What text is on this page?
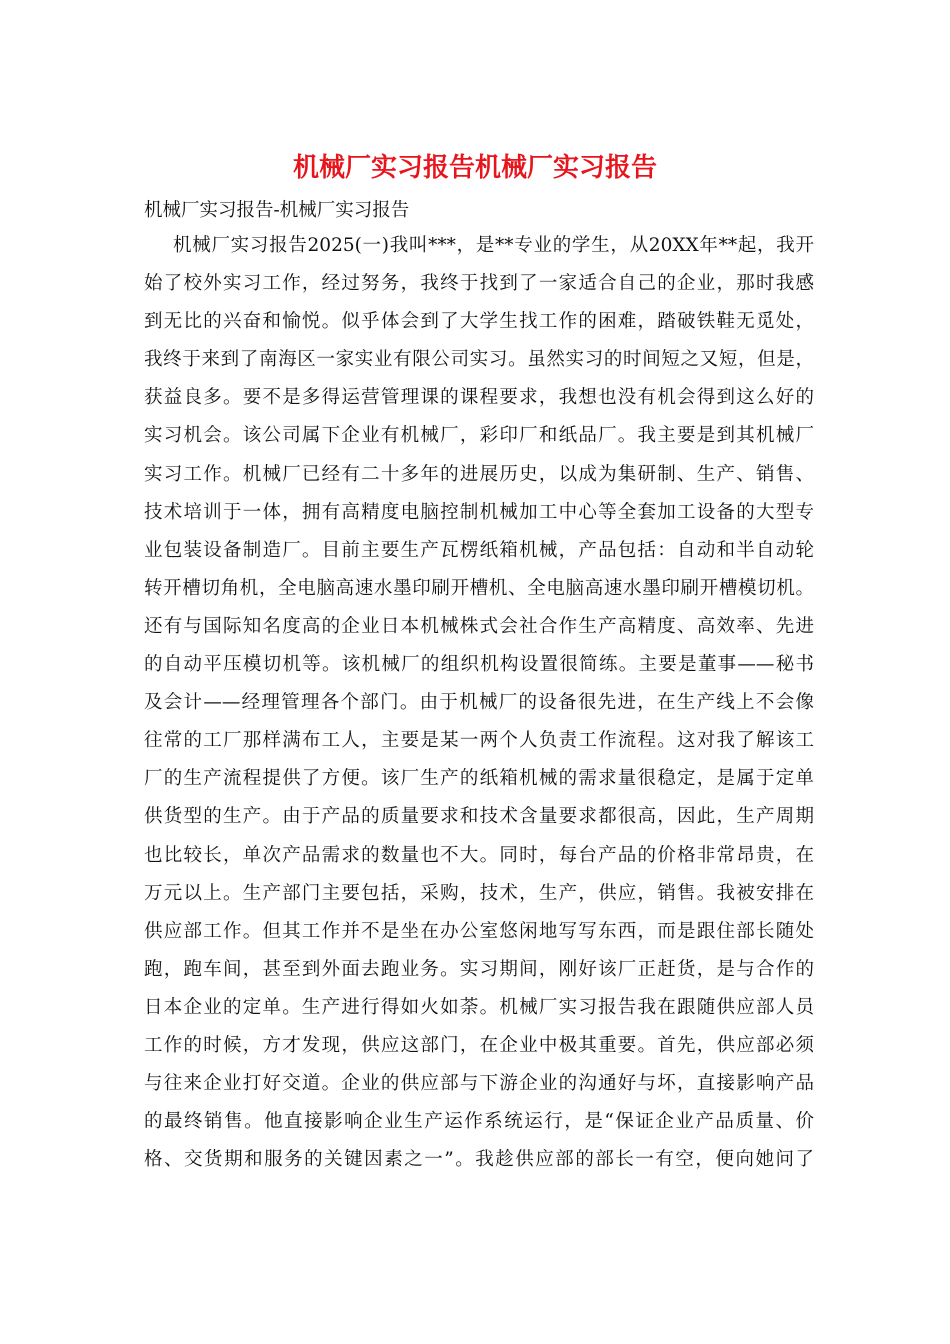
机械厂实习报告机械厂实习报告
机械厂实习报告-机械厂实习报告
机械厂实习报告2025(一)我叫***，是**专业的学生，从20XX年**起，我开
始了校外实习工作，经过努务，我终于找到了一家适合自己的企业，那时我感
到无比的兴奋和愉悦。似乎体会到了大学生找工作的困难，踏破铁鞋无觅处，
我终于来到了南海区一家实业有限公司实习。虽然实习的时间短之又短，但是，
获益良多。要不是多得运营管理课的课程要求，我想也没有机会得到这么好的
实习机会。该公司属下企业有机械厂，彩印厂和纸品厂。我主要是到其机械厂
实习工作。机械厂已经有二十多年的进展历史，以成为集研制、生产、销售、
技术培训于一体，拥有高精度电脑控制机械加工中心等全套加工设备的大型专
业包装设备制造厂。目前主要生产瓦楞纸箱机械，产品包括：自动和半自动轮
转开槽切角机，全电脑高速水墨印刷开槽机、全电脑高速水墨印刷开槽模切机。
还有与国际知名度高的企业日本机械株式会社合作生产高精度、高效率、先进
的自动平压模切机等。该机械厂的组织机构设置很简练。主要是董事——秘书
及会计——经理管理各个部门。由于机械厂的设备很先进，在生产线上不会像
往常的工厂那样满布工人，主要是某一两个人负责工作流程。这对我了解该工
厂的生产流程提供了方便。该厂生产的纸箱机械的需求量很稳定，是属于定单
供货型的生产。由于产品的质量要求和技术含量要求都很高，因此，生产周期
也比较长，单次产品需求的数量也不大。同时，每台产品的价格非常昂贵，在
万元以上。生产部门主要包括，采购，技术，生产，供应，销售。我被安排在
供应部工作。但其工作并不是坐在办公室悠闲地写写东西，而是跟住部长随处
跑，跑车间，甚至到外面去跑业务。实习期间，刚好该厂正赶货，是与合作的
日本企业的定单。生产进行得如火如荼。机械厂实习报告我在跟随供应部人员
工作的时候，方才发现，供应这部门，在企业中极其重要。首先，供应部必须
与往来企业打好交道。企业的供应部与下游企业的沟通好与坏，直接影响产品
的最终销售。他直接影响企业生产运作系统运行，是“保证企业产品质量、价
格、交货期和服务的关键因素之一”。我趁供应部的部长一有空，便向她问了
